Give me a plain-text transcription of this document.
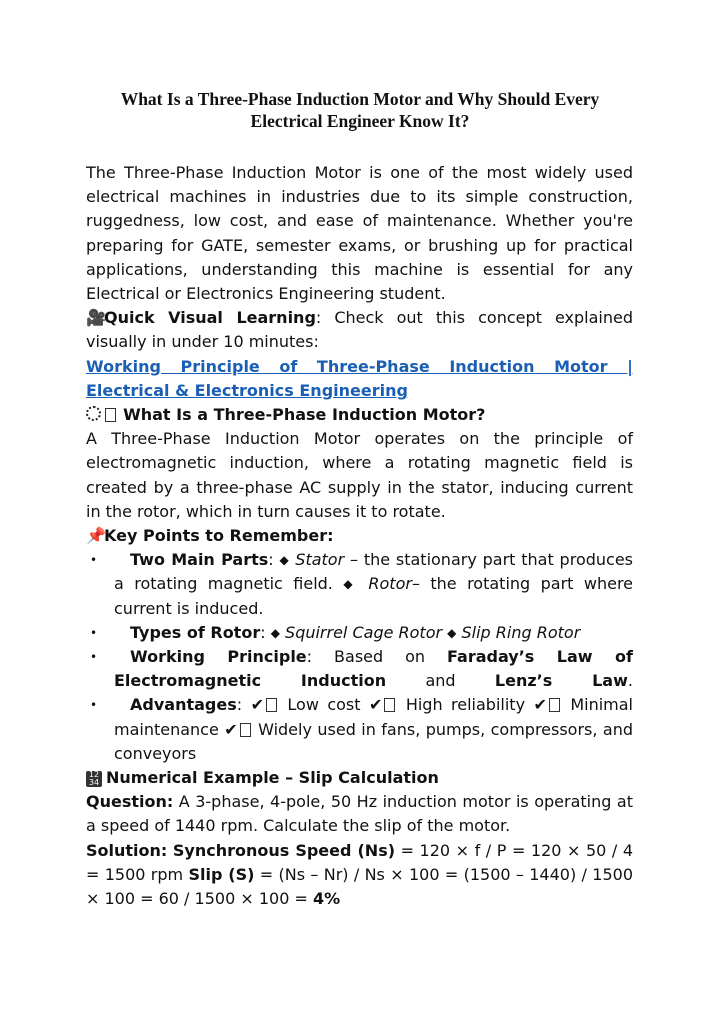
What Is a Three-Phase Induction Motor and Why Should Every
Electrical Engineer Know It?

The Three-Phase Induction Motor is one of the most widely used electrical machines in industries due to its simple construction, ruggedness, low cost, and ease of maintenance. Whether you're preparing for GATE, semester exams, or brushing up for practical applications, understanding this machine is essential for any Electrical or Electronics Engineering student.

🎥Quick Visual Learning: Check out this concept explained visually in under 10 minutes:

Working Principle of Three-Phase Induction Motor | Electrical & Electronics Engineering

What Is a Three-Phase Induction Motor?

A Three-Phase Induction Motor operates on the principle of electromagnetic induction, where a rotating magnetic field is created by a three-phase AC supply in the stator, inducing current in the rotor, which in turn causes it to rotate.

📌Key Points to Remember:

• Two Main Parts: ◆ Stator – the stationary part that produces a rotating magnetic field. ◆ Rotor– the rotating part where current is induced.
• Types of Rotor: ◆ Squirrel Cage Rotor ◆ Slip Ring Rotor
• Working Principle: Based on Faraday’s Law of Electromagnetic Induction and Lenz’s Law.
• Advantages: ✔ Low cost ✔ High reliability ✔ Minimal maintenance ✔ Widely used in fans, pumps, compressors, and conveyors

12
34 Numerical Example – Slip Calculation

Question: A 3-phase, 4-pole, 50 Hz induction motor is operating at a speed of 1440 rpm. Calculate the slip of the motor.

Solution: Synchronous Speed (Ns) = 120 × f / P = 120 × 50 / 4 = 1500 rpm Slip (S) = (Ns – Nr) / Ns × 100 = (1500 – 1440) / 1500 × 100 = 60 / 1500 × 100 = 4%
